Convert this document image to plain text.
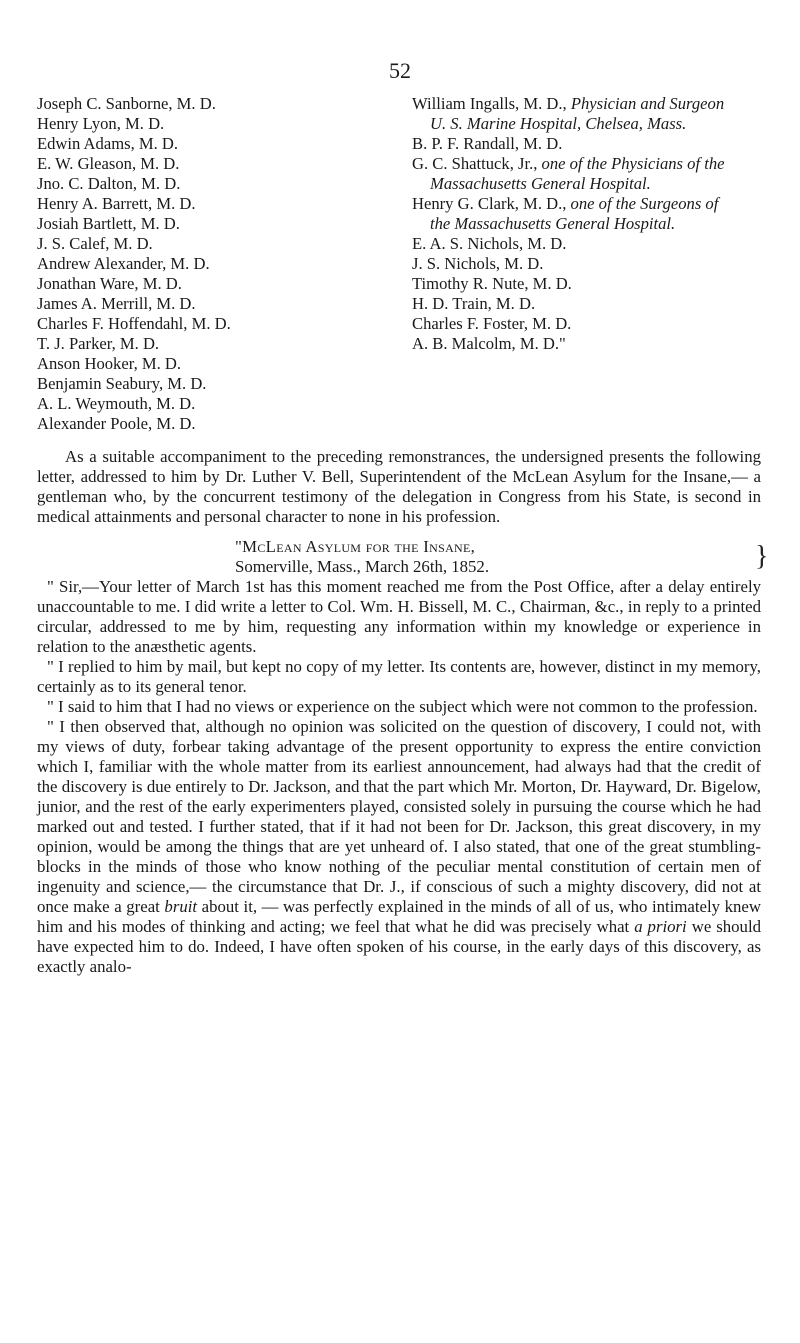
52
Joseph C. Sanborne, M. D.
Henry Lyon, M. D.
Edwin Adams, M. D.
E. W. Gleason, M. D.
Jno. C. Dalton, M. D.
Henry A. Barrett, M. D.
Josiah Bartlett, M. D.
J. S. Calef, M. D.
Andrew Alexander, M. D.
Jonathan Ware, M. D.
James A. Merrill, M. D.
Charles F. Hoffendahl, M. D.
T. J. Parker, M. D.
Anson Hooker, M. D.
Benjamin Seabury, M. D.
A. L. Weymouth, M. D.
Alexander Poole, M. D.
William Ingalls, M. D., Physician and Surgeon U. S. Marine Hospital, Chelsea, Mass.
B. P. F. Randall, M. D.
G. C. Shattuck, Jr., one of the Physicians of the Massachusetts General Hospital.
Henry G. Clark, M. D., one of the Surgeons of the Massachusetts General Hospital.
E. A. S. Nichols, M. D.
J. S. Nichols, M. D.
Timothy R. Nute, M. D.
H. D. Train, M. D.
Charles F. Foster, M. D.
A. B. Malcolm, M. D."

As a suitable accompaniment to the preceding remonstrances, the undersigned presents the following letter, addressed to him by Dr. Luther V. Bell, Superintendent of the McLean Asylum for the Insane,— a gentleman who, by the concurrent testimony of the delegation in Congress from his State, is second in medical attainments and personal character to none in his profession.

"McLean Asylum for the Insane,
Somerville, Mass., March 26th, 1852.	}

" Sir,—Your letter of March 1st has this moment reached me from the Post Office, after a delay entirely unaccountable to me. I did write a letter to Col. Wm. H. Bissell, M. C., Chairman, &c., in reply to a printed circular, addressed to me by him, requesting any information within my knowledge or experience in relation to the anæsthetic agents.

" I replied to him by mail, but kept no copy of my letter. Its contents are, however, distinct in my memory, certainly as to its general tenor.

" I said to him that I had no views or experience on the subject which were not common to the profession.

" I then observed that, although no opinion was solicited on the question of discovery, I could not, with my views of duty, forbear taking advantage of the present opportunity to express the entire conviction which I, familiar with the whole matter from its earliest announcement, had always had that the credit of the discovery is due entirely to Dr. Jackson, and that the part which Mr. Morton, Dr. Hayward, Dr. Bigelow, junior, and the rest of the early experimenters played, consisted solely in pursuing the course which he had marked out and tested. I further stated, that if it had not been for Dr. Jackson, this great discovery, in my opinion, would be among the things that are yet unheard of. I also stated, that one of the great stumbling-blocks in the minds of those who know nothing of the peculiar mental constitution of certain men of ingenuity and science,— the circumstance that Dr. J., if conscious of such a mighty discovery, did not at once make a great bruit about it, — was perfectly explained in the minds of all of us, who intimately knew him and his modes of thinking and acting; we feel that what he did was precisely what a priori we should have expected him to do. Indeed, I have often spoken of his course, in the early days of this discovery, as exactly analo-
